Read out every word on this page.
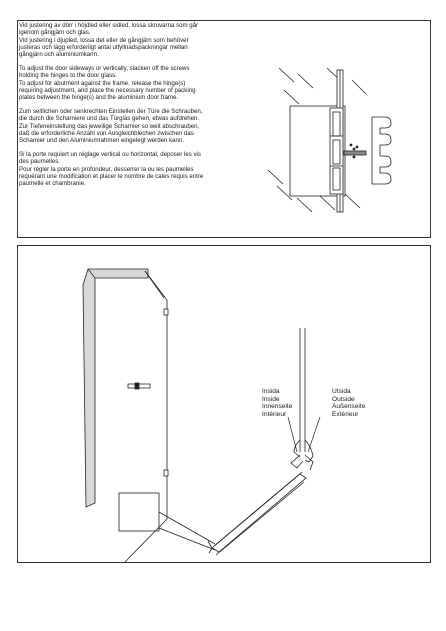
Vid justering av dörr i höjdled eller sidled, lossa skruvarna som går
igenom gångjärn och glas.
Vid justering i djupled, lossa det eller de gångjärn som behöver
justeras och lägg erforderligt antal utfyllnadspackningar mellan
gångjärn och aluminiumkarm.
To adjust the door sideways or vertically, slacken off the screws
holding the hinges to the door glass.
To adjust for abutment against the frame, release the hinge(s)
requiring adjustment, and place the necessary number of packing
plates between the hinge(s) and the aluminium door frame.
Zum seitlichen oder senkrechten Einstellen der Türe die Schrauben,
die durch die Scharniere und das Türglas gehen, etwas aufdrehen.
Zur Tiefeneinstellung das jeweilige Scharnier so weit abschrauben,
daß die erforderliche Anzahl von Ausgleichblechen zwischen das
Scharnier und den Aluminiumrahmen eingelegt werden kann.
Si la porte requiert un réglage vertical ou horizontal, deposer les vis
des paumelles.
Pour régler la porte en profondeur, desserrer la ou les paumelles
requérant une modification et placer le nombre de cales requis entre
paumelle et chambranie.
Insida
Inside
Innenseite
Intérieur
Utsida
Outside
Außenseite
Extérieur
